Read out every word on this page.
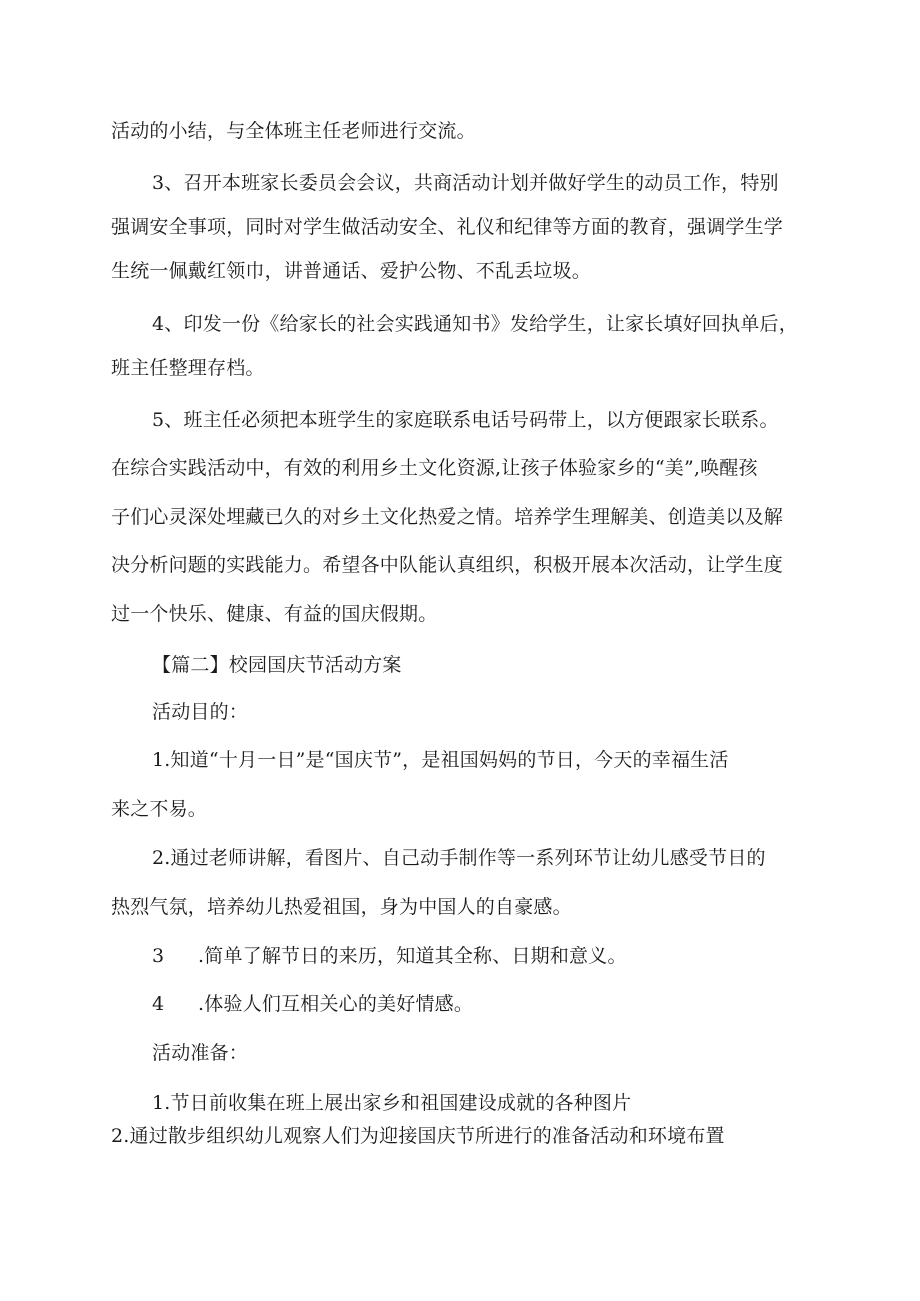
活动的小结，与全体班主任老师进行交流。
3、召开本班家长委员会会议，共商活动计划并做好学生的动员工作，特别
强调安全事项，同时对学生做活动安全、礼仪和纪律等方面的教育，强调学生学
生统一佩戴红领巾，讲普通话、爱护公物、不乱丢垃圾。
4、印发一份《给家长的社会实践通知书》发给学生，让家长填好回执单后，
班主任整理存档。
5、班主任必须把本班学生的家庭联系电话号码带上，以方便跟家长联系。
在综合实践活动中，有效的利用乡土文化资源,让孩子体验家乡的“美”,唤醒孩
子们心灵深处埋藏已久的对乡土文化热爱之情。培养学生理解美、创造美以及解
决分析问题的实践能力。希望各中队能认真组织，积极开展本次活动，让学生度
过一个快乐、健康、有益的国庆假期。
【篇二】校园国庆节活动方案
活动目的：
1.知道“十月一日”是“国庆节”，是祖国妈妈的节日，今天的幸福生活
来之不易。
2.通过老师讲解，看图片、自己动手制作等一系列环节让幼儿感受节日的
热烈气氛，培养幼儿热爱祖国，身为中国人的自豪感。
3 .简单了解节日的来历，知道其全称、日期和意义。
4 .体验人们互相关心的美好情感。
活动准备：
1.节日前收集在班上展出家乡和祖国建设成就的各种图片
2.通过散步组织幼儿观察人们为迎接国庆节所进行的准备活动和环境布置
